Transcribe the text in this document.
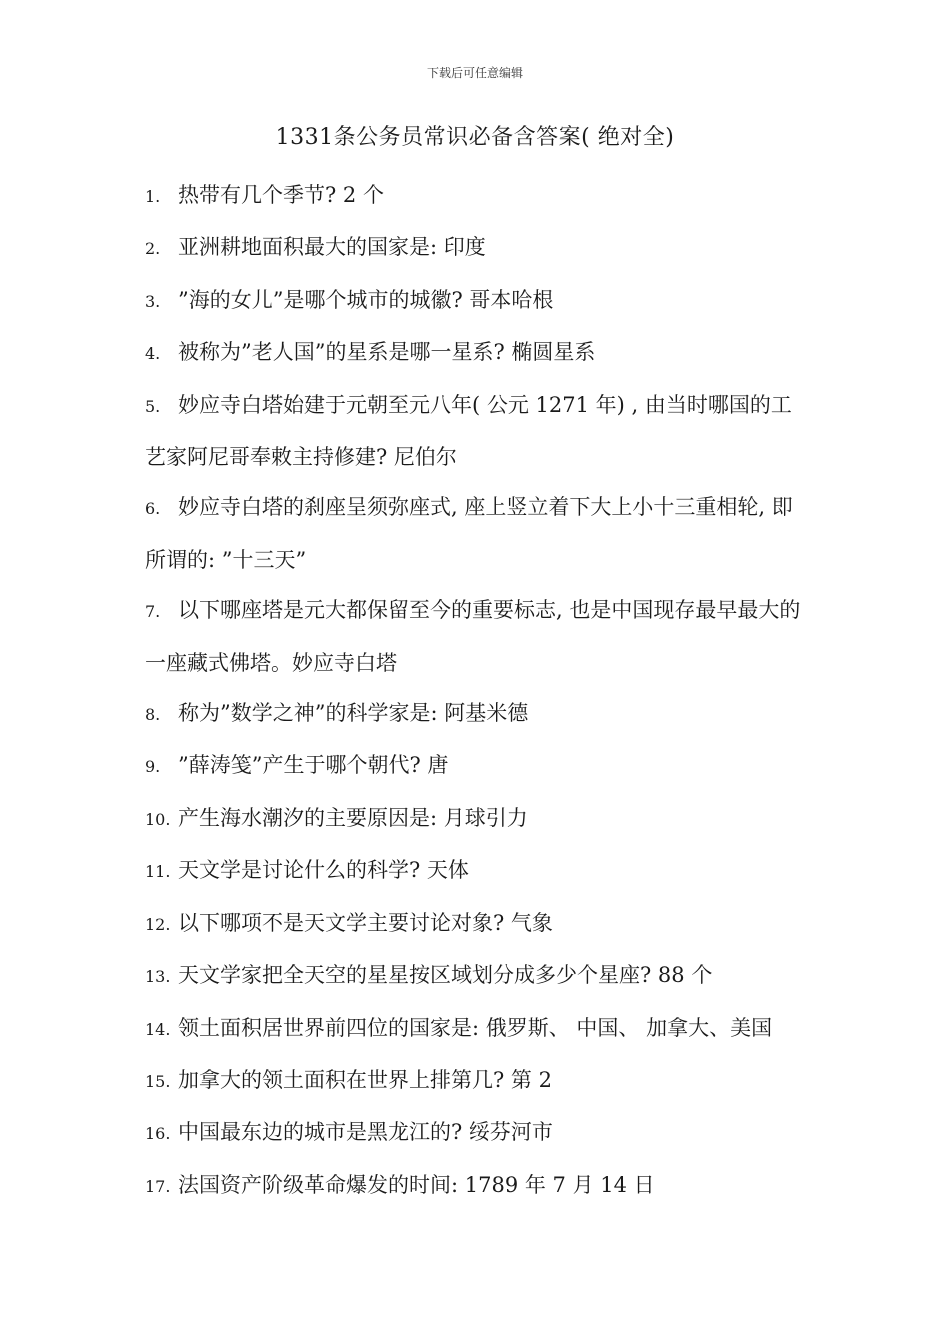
下载后可任意编辑
1331条公务员常识必备含答案( 绝对全)
1. 热带有几个季节? 2 个
2. 亚洲耕地面积最大的国家是: 印度
3. ”海的女儿”是哪个城市的城徽? 哥本哈根
4. 被称为”老人国”的星系是哪一星系? 椭圆星系
5. 妙应寺白塔始建于元朝至元八年( 公元 1271 年) , 由当时哪国的工艺家阿尼哥奉敕主持修建? 尼伯尔
6. 妙应寺白塔的刹座呈须弥座式, 座上竖立着下大上小十三重相轮, 即所谓的: ”十三天”
7. 以下哪座塔是元大都保留至今的重要标志, 也是中国现存最早最大的一座藏式佛塔。妙应寺白塔
8. 称为”数学之神”的科学家是: 阿基米德
9. ”薛涛笺”产生于哪个朝代? 唐
10. 产生海水潮汐的主要原因是: 月球引力
11. 天文学是讨论什么的科学? 天体
12. 以下哪项不是天文学主要讨论对象? 气象
13. 天文学家把全天空的星星按区域划分成多少个星座? 88 个
14. 领土面积居世界前四位的国家是: 俄罗斯、 中国、 加拿大、美国
15. 加拿大的领土面积在世界上排第几? 第 2
16. 中国最东边的城市是黑龙江的? 绥芬河市
17. 法国资产阶级革命爆发的时间: 1789 年 7 月 14 日
